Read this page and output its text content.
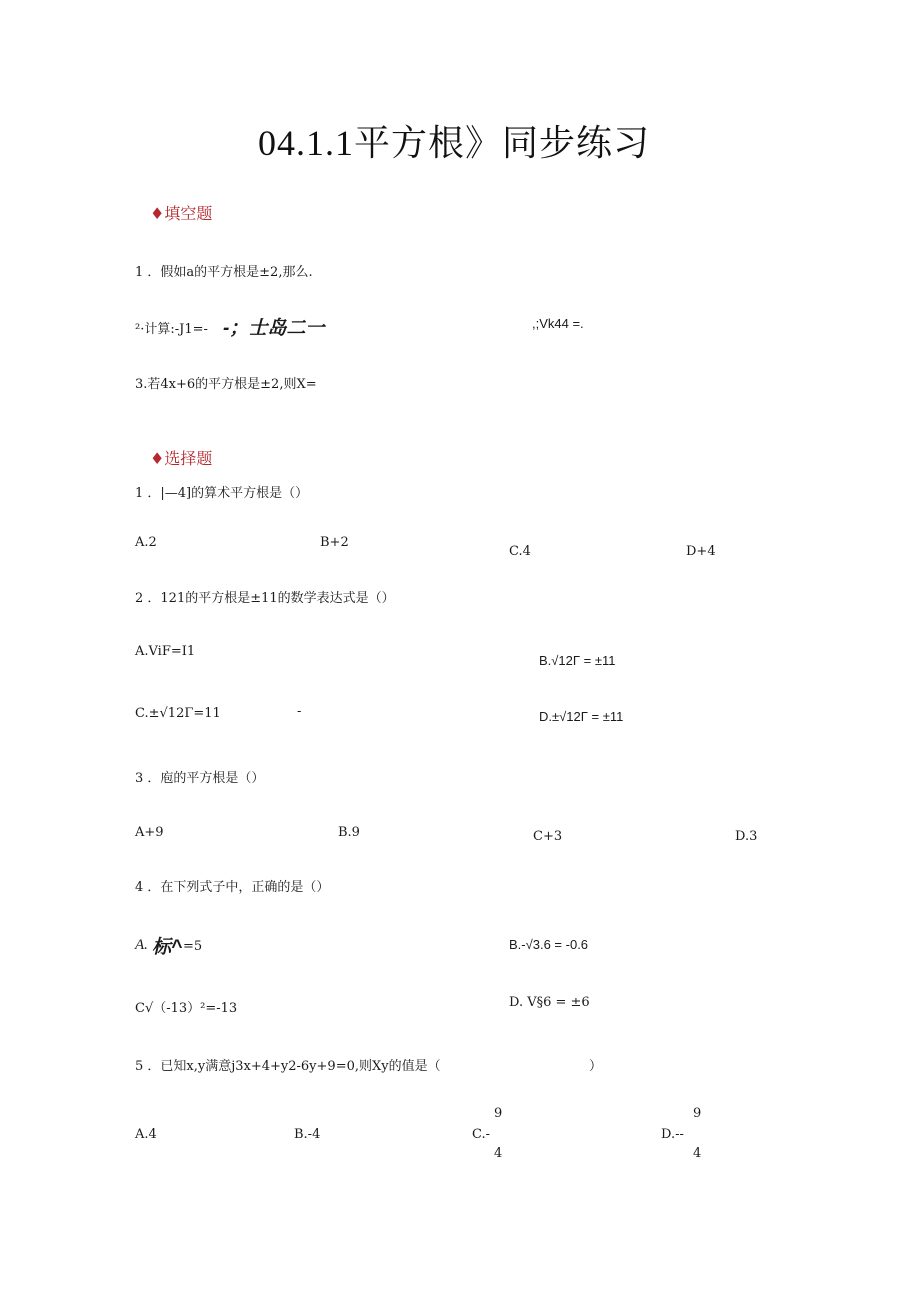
04.1.1平方根》同步练习
♦填空题
1 ．假如a的平方根是±2,那么.
²·计算:-J1=- -；士岛二一	,;Vk44 =.
3.若4x+6的平方根是±2,则X=
♦选择题
1 ．|—4]的算术平方根是（）
A.2	B+2
C.4	D+4
2 ．121的平方根是±11的数学表达式是（）
A.ViF=I1
B.√12Γ = ±11
C.±√12Γ=11	-	D.±√12Γ = ±11
3 ．庖的平方根是（）
A+9	B.9	C+3	D.3
4 ．在下列式子中，正确的是（）
A. 标^ =5	B.-√3.6 = -0.6
C√（-13）²=-13	D. V§6 = ±6
5 ．已知x,y满意j3x+4+y2-6y+9=0,则Xy的值是（	）
A.4	B.-4
9
C.-
4
9
D.--
4
